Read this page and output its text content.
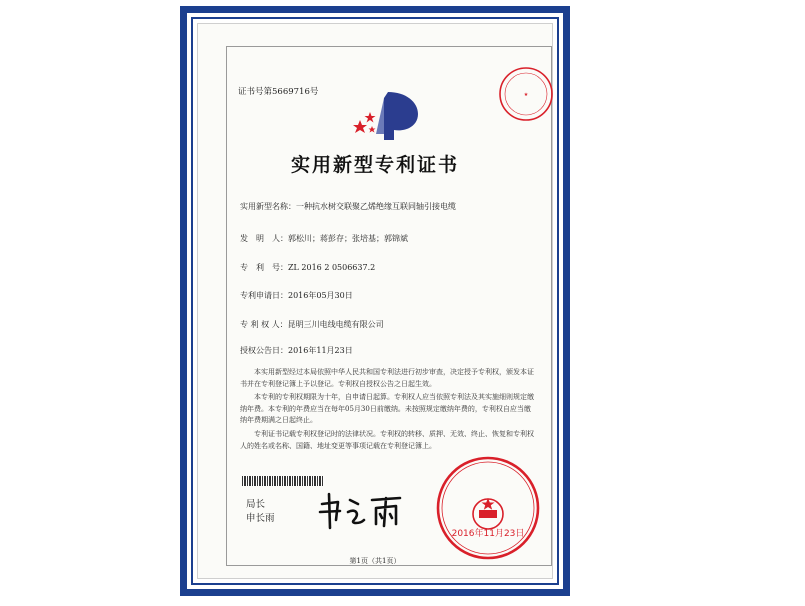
证书号第5669716号	★
实用新型专利证书
实用新型名称：一种抗水树交联聚乙烯绝缘互联同轴引接电缆
发　明　人：郭松川；蒋彭存；张培基；郭锦斌
专　利　号：ZL 2016 2 0506637.2
专利申请日：2016年05月30日
专 利 权 人：昆明三川电线电缆有限公司
授权公告日：2016年11月23日
本实用新型经过本局依照中华人民共和国专利法进行初步审查，决定授予专利权，颁发本证书并在专利登记簿上予以登记。专利权自授权公告之日起生效。
本专利的专利权期限为十年，自申请日起算。专利权人应当依照专利法及其实施细则规定缴纳年费。本专利的年费应当在每年05月30日前缴纳。未按照规定缴纳年费的，专利权自应当缴纳年费期满之日起终止。
专利证书记载专利权登记时的法律状况。专利权的转移、质押、无效、终止、恢复和专利权人的姓名或名称、国籍、地址变更等事项记载在专利登记簿上。
局长
申长雨
2016年11月23日
第1页（共1页）
